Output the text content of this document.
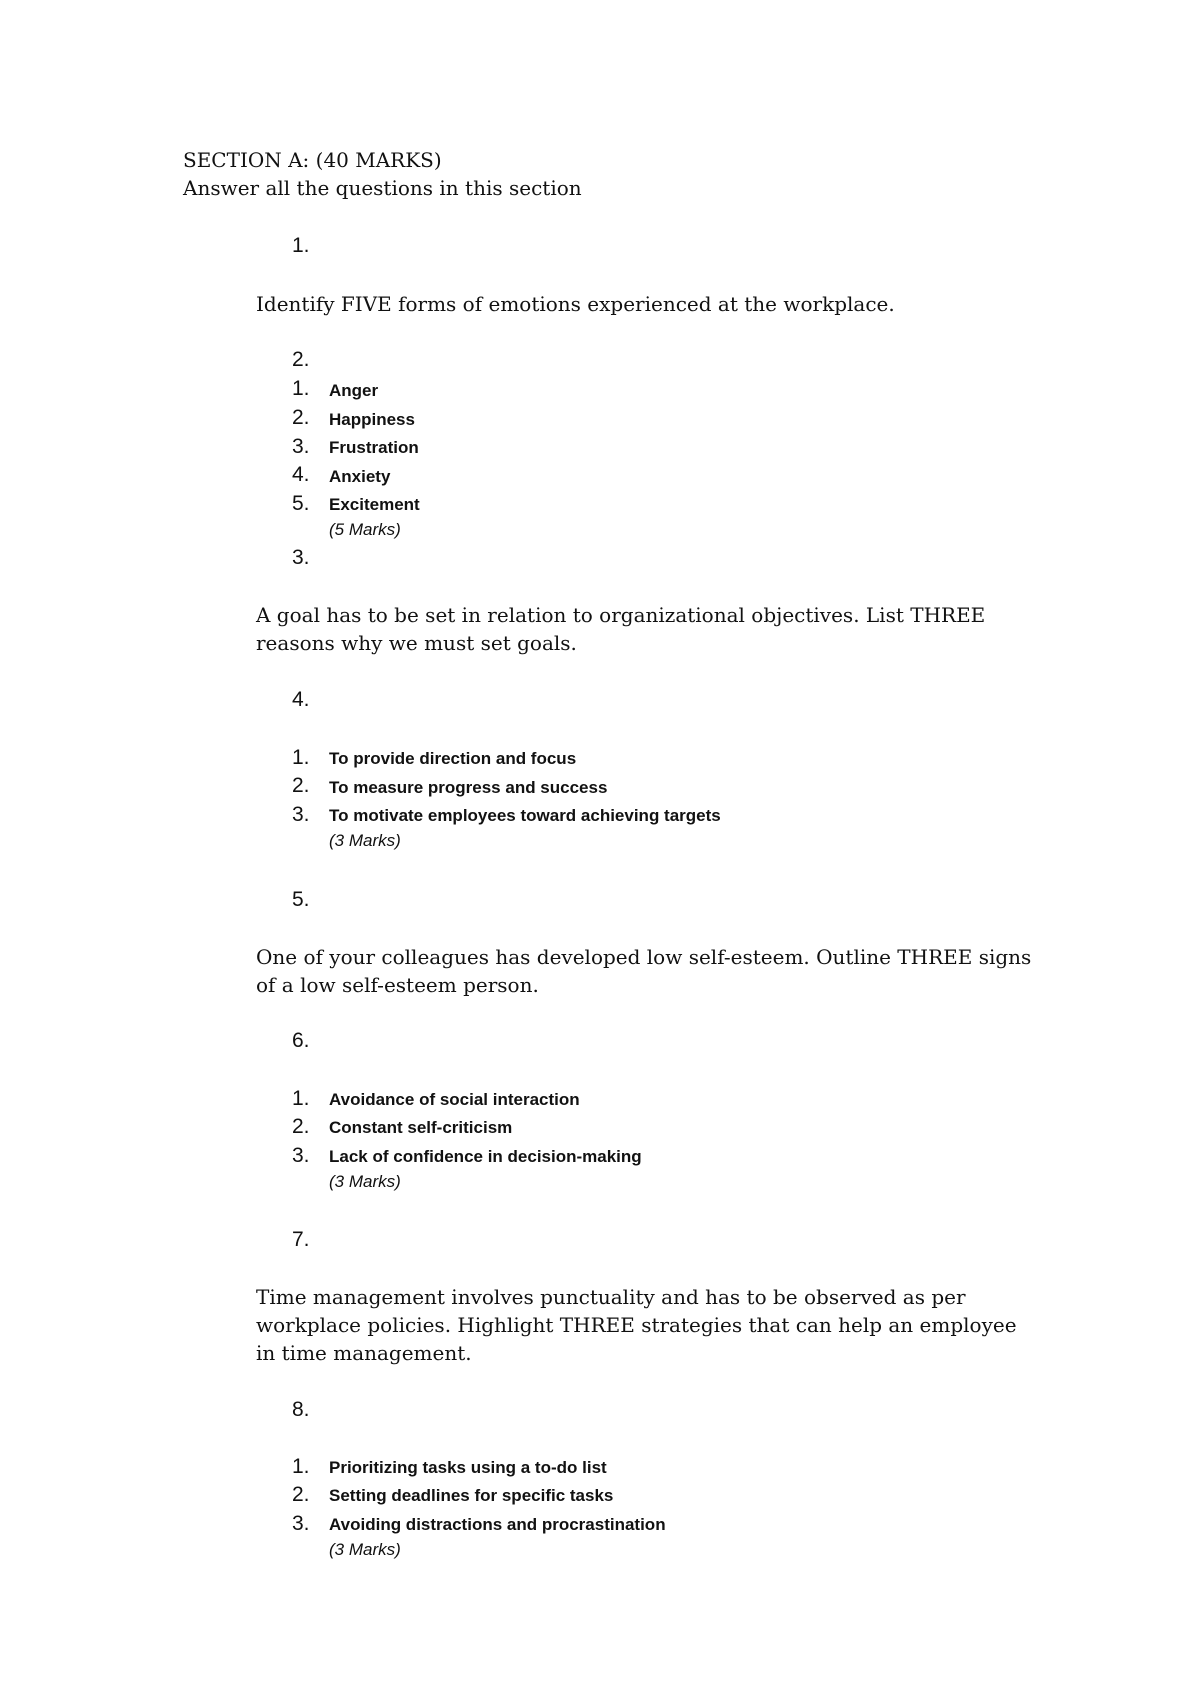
SECTION A: (40 MARKS)
Answer all the questions in this section
1.
Identify FIVE forms of emotions experienced at the workplace.
2.
1. Anger
2. Happiness
3. Frustration
4. Anxiety
5. Excitement
(5 Marks)
3.
A goal has to be set in relation to organizational objectives. List THREE reasons why we must set goals.
4.
1. To provide direction and focus
2. To measure progress and success
3. To motivate employees toward achieving targets
(3 Marks)
5.
One of your colleagues has developed low self-esteem. Outline THREE signs of a low self-esteem person.
6.
1. Avoidance of social interaction
2. Constant self-criticism
3. Lack of confidence in decision-making
(3 Marks)
7.
Time management involves punctuality and has to be observed as per workplace policies. Highlight THREE strategies that can help an employee in time management.
8.
1. Prioritizing tasks using a to-do list
2. Setting deadlines for specific tasks
3. Avoiding distractions and procrastination
(3 Marks)
